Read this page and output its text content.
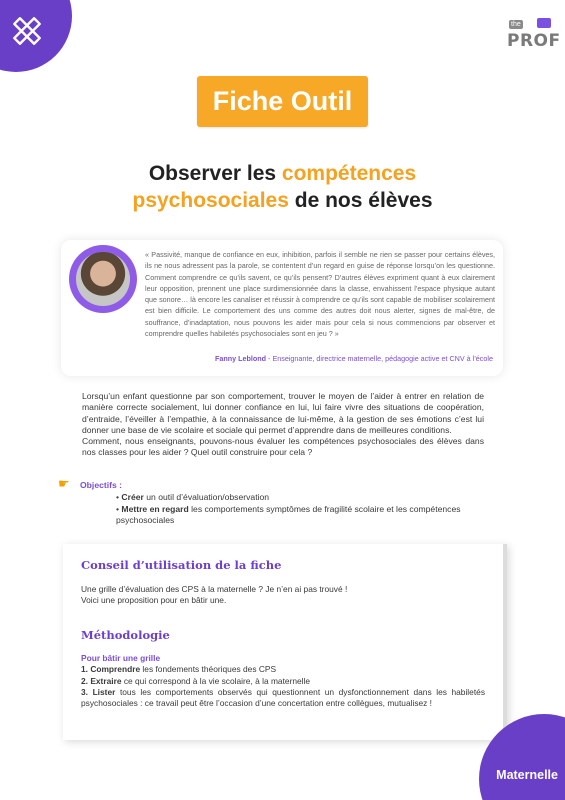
the
PROF
Fiche Outil
Observer les compétences
psychosociales de nos élèves
« Passivité, manque de confiance en eux, inhibition, parfois il semble ne rien se passer pour certains élèves, ils ne nous adressent pas la parole, se contentent d’un regard en guise de réponse lorsqu’on les questionne. Comment comprendre ce qu’ils savent, ce qu’ils pensent? D’autres élèves expriment quant à eux clairement leur opposition, prennent une place surdimensionnée dans la classe, envahissent l’espace physique autant que sonore… là encore les canaliser et réussir à comprendre ce qu’ils sont capable de mobiliser scolairement est bien difficile. Le comportement des uns comme des autres doit nous alerter, signes de mal-être, de souffrance, d’inadaptation, nous pouvons les aider mais pour cela si nous commencions par observer et comprendre quelles habiletés psychosociales sont en jeu ? »
Fanny Leblond - Enseignante, directrice maternelle, pédagogie active et CNV à l’école

Lorsqu’un enfant questionne par son comportement, trouver le moyen de l’aider à entrer en relation de manière correcte socialement, lui donner confiance en lui, lui faire vivre des situations de coopération, d’entraide, l’éveiller à l’empathie, à la connaissance de lui-même, à la gestion de ses émotions c’est lui donner une base de vie scolaire et sociale qui permet d’apprendre dans de meilleures conditions.

Comment, nous enseignants, pouvons-nous évaluer les compétences psychosociales des élèves dans nos classes pour les aider ? Quel outil construire pour cela ?

☛ Objectifs :
• Créer un outil d’évaluation/observation
• Mettre en regard les comportements symptômes de fragilité scolaire et les compétences psychosociales
Conseil d’utilisation de la fiche
Une grille d’évaluation des CPS à la maternelle ? Je n’en ai pas trouvé !
Voici une proposition pour en bâtir une.
Méthodologie
Pour bâtir une grille
1. Comprendre les fondements théoriques des CPS
2. Extraire ce qui correspond à la vie scolaire, à la maternelle
3. Lister tous les comportements observés qui questionnent un dysfonctionnement dans les habiletés psychosociales : ce travail peut être l’occasion d’une concertation entre collègues, mutualisez !
Maternelle
